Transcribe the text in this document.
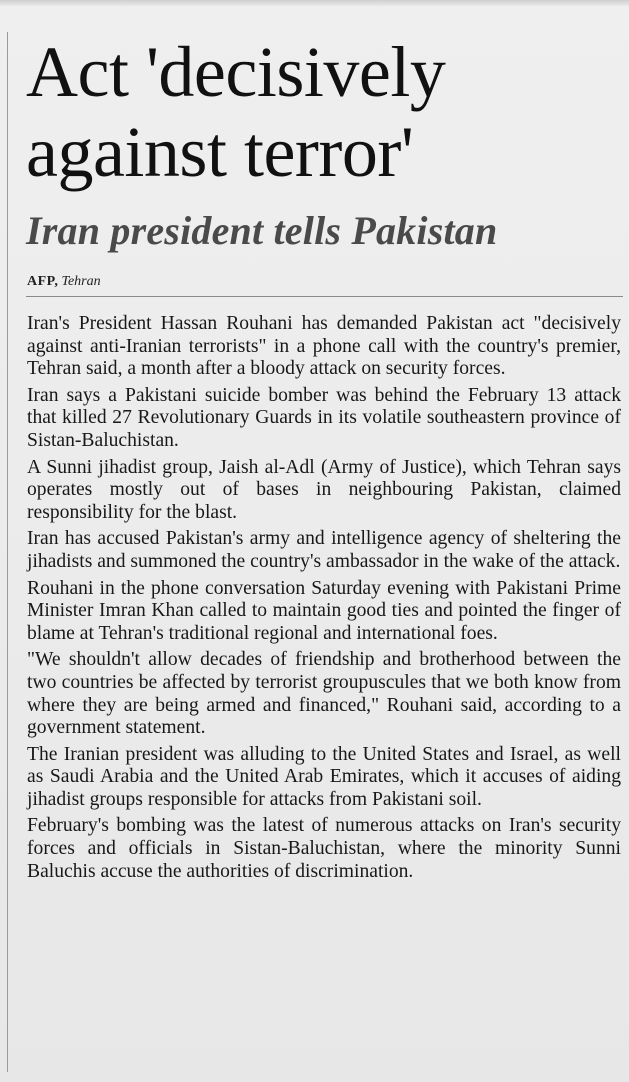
Act 'decisively against terror'
Iran president tells Pakistan
AFP, Tehran

Iran's President Hassan Rouhani has demanded Pakistan act "decisively against anti-Iranian terrorists" in a phone call with the country's premier, Tehran said, a month after a bloody attack on security forces.

Iran says a Pakistani suicide bomber was behind the February 13 attack that killed 27 Revolutionary Guards in its volatile southeastern province of Sistan-Baluchistan.

A Sunni jihadist group, Jaish al-Adl (Army of Justice), which Tehran says operates mostly out of bases in neighbouring Pakistan, claimed responsibility for the blast.

Iran has accused Pakistan's army and intelligence agency of sheltering the jihadists and summoned the country's ambassador in the wake of the attack.

Rouhani in the phone conversation Saturday evening with Pakistani Prime Minister Imran Khan called to maintain good ties and pointed the finger of blame at Tehran's traditional regional and international foes.

"We shouldn't allow decades of friendship and brotherhood between the two countries be affected by terrorist groupuscules that we both know from where they are being armed and financed," Rouhani said, according to a government statement.

The Iranian president was alluding to the United States and Israel, as well as Saudi Arabia and the United Arab Emirates, which it accuses of aiding jihadist groups responsible for attacks from Pakistani soil.

February's bombing was the latest of numerous attacks on Iran's security forces and officials in Sistan-Baluchistan, where the minority Sunni Baluchis accuse the authorities of discrimination.
